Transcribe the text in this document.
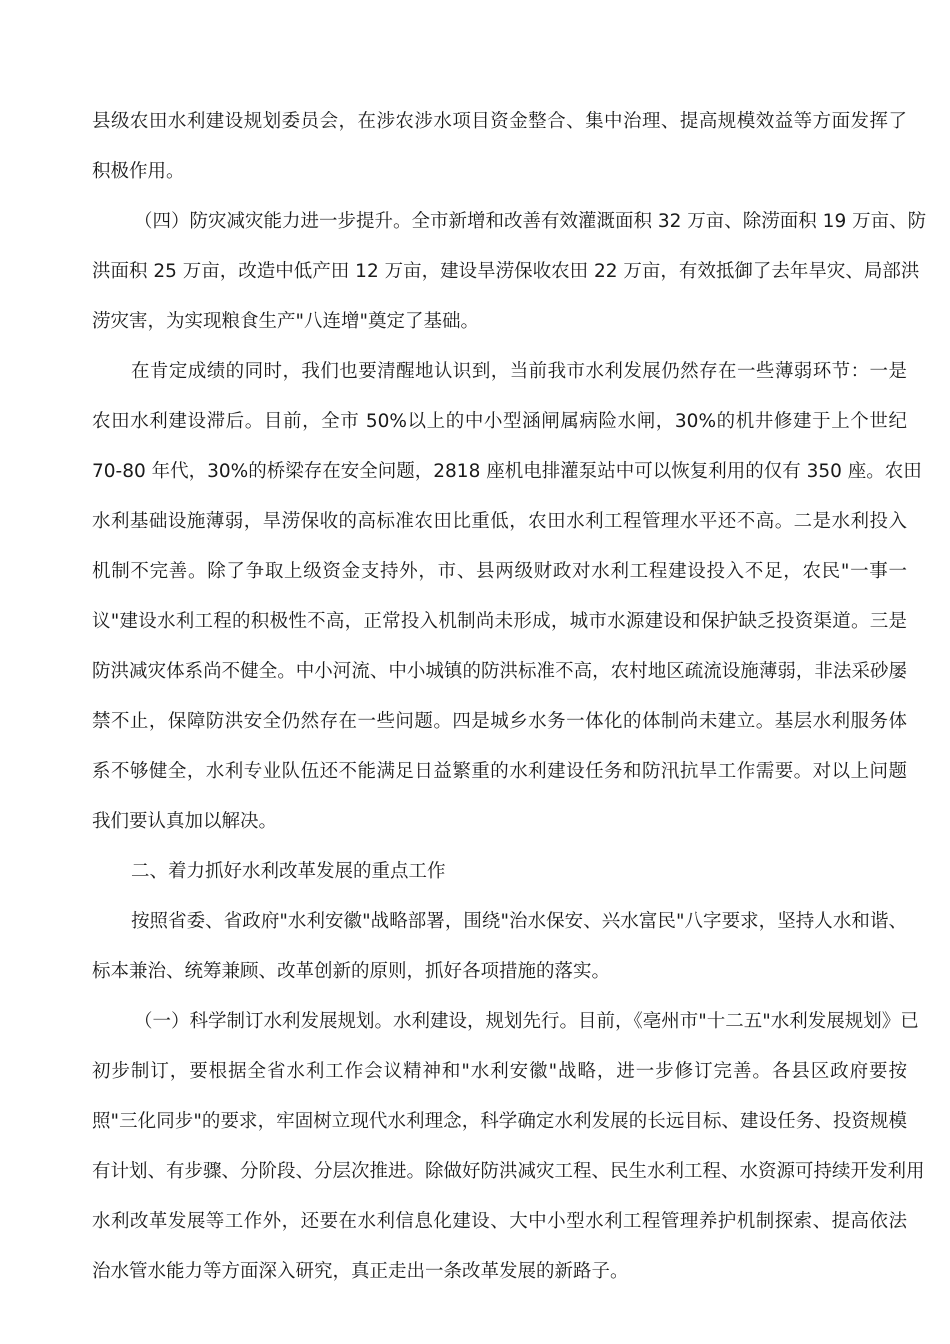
县级农田水利建设规划委员会，在涉农涉水项目资金整合、集中治理、提高规模效益等方面发挥了
积极作用。
（四）防灾减灾能力进一步提升。全市新增和改善有效灌溉面积 32 万亩、除涝面积 19 万亩、防
洪面积 25 万亩，改造中低产田 12 万亩，建设旱涝保收农田 22 万亩，有效抵御了去年旱灾、局部洪
涝灾害，为实现粮食生产"八连增"奠定了基础。
在肯定成绩的同时，我们也要清醒地认识到，当前我市水利发展仍然存在一些薄弱环节：一是
农田水利建设滞后。目前，全市 50%以上的中小型涵闸属病险水闸，30%的机井修建于上个世纪
70-80 年代，30%的桥梁存在安全问题，2818 座机电排灌泵站中可以恢复利用的仅有 350 座。农田
水利基础设施薄弱，旱涝保收的高标准农田比重低，农田水利工程管理水平还不高。二是水利投入
机制不完善。除了争取上级资金支持外，市、县两级财政对水利工程建设投入不足，农民"一事一
议"建设水利工程的积极性不高，正常投入机制尚未形成，城市水源建设和保护缺乏投资渠道。三是
防洪减灾体系尚不健全。中小河流、中小城镇的防洪标准不高，农村地区疏流设施薄弱，非法采砂屡
禁不止，保障防洪安全仍然存在一些问题。四是城乡水务一体化的体制尚未建立。基层水利服务体
系不够健全，水利专业队伍还不能满足日益繁重的水利建设任务和防汛抗旱工作需要。对以上问题
我们要认真加以解决。
二、着力抓好水利改革发展的重点工作
按照省委、省政府"水利安徽"战略部署，围绕"治水保安、兴水富民"八字要求，坚持人水和谐、
标本兼治、统筹兼顾、改革创新的原则，抓好各项措施的落实。
（一）科学制订水利发展规划。水利建设，规划先行。目前，《亳州市"十二五"水利发展规划》已
初步制订，要根据全省水利工作会议精神和"水利安徽"战略，进一步修订完善。各县区政府要按
照"三化同步"的要求，牢固树立现代水利理念，科学确定水利发展的长远目标、建设任务、投资规模
有计划、有步骤、分阶段、分层次推进。除做好防洪减灾工程、民生水利工程、水资源可持续开发利用
水利改革发展等工作外，还要在水利信息化建设、大中小型水利工程管理养护机制探索、提高依法
治水管水能力等方面深入研究，真正走出一条改革发展的新路子。
